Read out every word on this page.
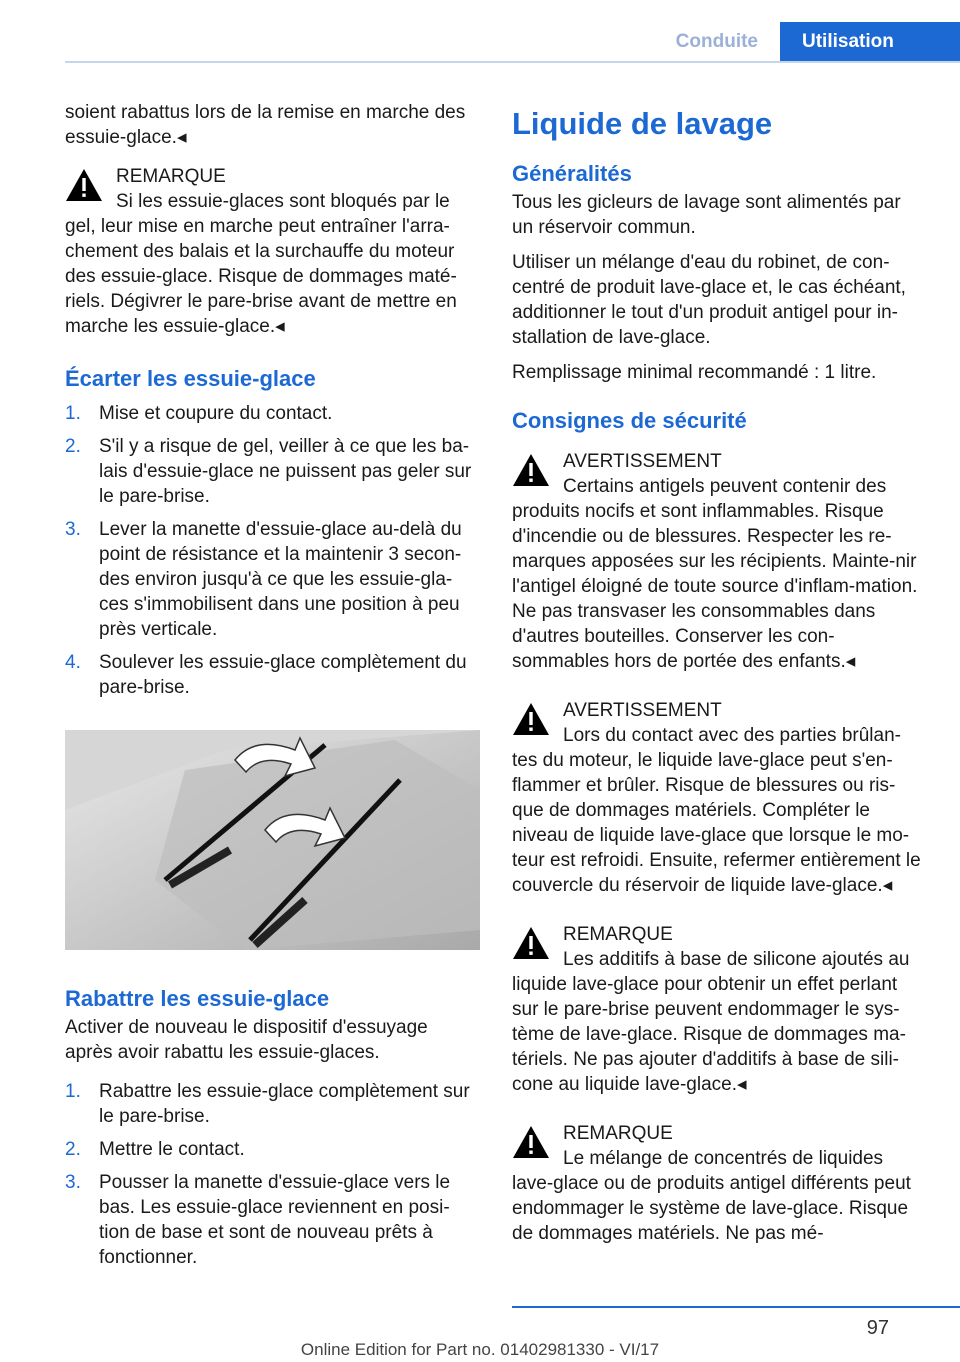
Conduite	Utilisation

soient rabattus lors de la remise en marche des essuie-glace.◂

REMARQUE
Si les essuie-glaces sont bloqués par le
gel, leur mise en marche peut entraîner l'arra-chement des balais et la surchauffe du moteur des essuie-glace. Risque de dommages maté-riels. Dégivrer le pare-brise avant de mettre en marche les essuie-glace.◂
Écarter les essuie-glace
1. Mise et coupure du contact.
2. S'il y a risque de gel, veiller à ce que les ba-lais d'essuie-glace ne puissent pas geler sur le pare-brise.
3. Lever la manette d'essuie-glace au-delà du point de résistance et la maintenir 3 secon-des environ jusqu'à ce que les essuie-gla-ces s'immobilisent dans une position à peu près verticale.
4. Soulever les essuie-glace complètement du pare-brise.
Rabattre les essuie-glace

Activer de nouveau le dispositif d'essuyage après avoir rabattu les essuie-glaces.

1. Rabattre les essuie-glace complètement sur le pare-brise.
2. Mettre le contact.
3. Pousser la manette d'essuie-glace vers le bas. Les essuie-glace reviennent en posi-tion de base et sont de nouveau prêts à fonctionner.
Liquide de lavage
Généralités

Tous les gicleurs de lavage sont alimentés par un réservoir commun.

Utiliser un mélange d'eau du robinet, de con-centré de produit lave-glace et, le cas échéant, additionner le tout d'un produit antigel pour in-stallation de lave-glace.

Remplissage minimal recommandé : 1 litre.

Consignes de sécurité
AVERTISSEMENT
Certains antigels peuvent contenir des
produits nocifs et sont inflammables. Risque d'incendie ou de blessures. Respecter les re-marques apposées sur les récipients. Mainte-nir l'antigel éloigné de toute source d'inflam-mation. Ne pas transvaser les consommables dans d'autres bouteilles. Conserver les con-sommables hors de portée des enfants.◂
AVERTISSEMENT
Lors du contact avec des parties brûlan-
tes du moteur, le liquide lave-glace peut s'en-flammer et brûler. Risque de blessures ou ris-que de dommages matériels. Compléter le niveau de liquide lave-glace que lorsque le mo-teur est refroidi. Ensuite, refermer entièrement le couvercle du réservoir de liquide lave-glace.◂
REMARQUE
Les additifs à base de silicone ajoutés au
liquide lave-glace pour obtenir un effet perlant sur le pare-brise peuvent endommager le sys-tème de lave-glace. Risque de dommages ma-tériels. Ne pas ajouter d'additifs à base de sili-cone au liquide lave-glace.◂
REMARQUE
Le mélange de concentrés de liquides
lave-glace ou de produits antigel différents peut endommager le système de lave-glace. Risque de dommages matériels. Ne pas mé-
97
Online Edition for Part no. 01402981330 - VI/17
